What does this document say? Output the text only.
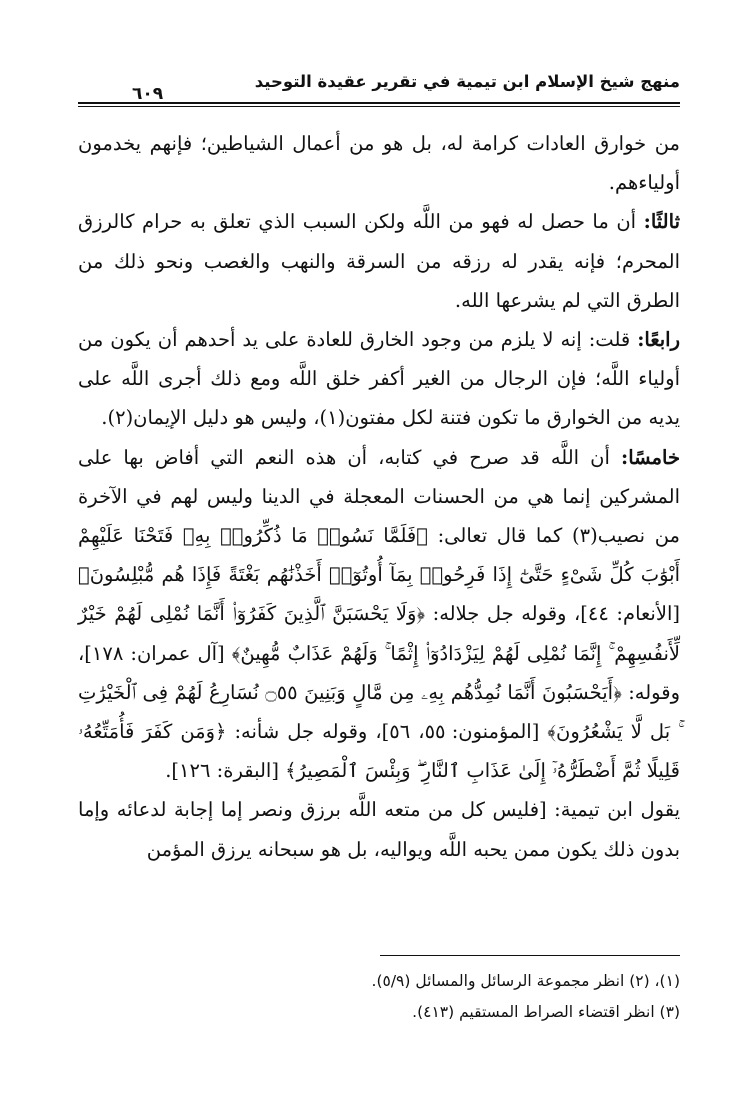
منهج شيخ الإسلام ابن تيمية في تقرير عقيدة التوحيد
٦٠٩

من خوارق العادات كرامة له، بل هو من أعمال الشياطين؛ فإنهم يخدمون أولياءهم.

ثالثًا: أن ما حصل له فهو من اللَّه ولكن السبب الذي تعلق به حرام كالرزق المحرم؛ فإنه يقدر له رزقه من السرقة والنهب والغصب ونحو ذلك من الطرق التي لم يشرعها الله.

رابعًا: قلت: إنه لا يلزم من وجود الخارق للعادة على يد أحدهم أن يكون من أولياء اللَّه؛ فإن الرجال من الغير أكفر خلق اللَّه ومع ذلك أجرى اللَّه على يديه من الخوارق ما تكون فتنة لكل مفتون(١)، وليس هو دليل الإيمان(٢).

خامسًا: أن اللَّه قد صرح في كتابه، أن هذه النعم التي أفاض بها على المشركين إنما هي من الحسنات المعجلة في الدينا وليس لهم في الآخرة من نصيب(٣) كما قال تعالى: ﴿فَلَمَّا نَسُوا۟ مَا ذُكِّرُوا۟ بِهِۦ فَتَحْنَا عَلَيْهِمْ أَبْوَٰبَ كُلِّ شَىْءٍ حَتَّىٰٓ إِذَا فَرِحُوا۟ بِمَآ أُوتُوٓا۟ أَخَذْنَٰهُم بَغْتَةً فَإِذَا هُم مُّبْلِسُونَ﴾ [الأنعام: ٤٤]، وقوله جل جلاله: ﴿وَلَا يَحْسَبَنَّ ٱلَّذِينَ كَفَرُوٓا۟ أَنَّمَا نُمْلِى لَهُمْ خَيْرٌ لِّأَنفُسِهِمْ ۚ إِنَّمَا نُمْلِى لَهُمْ لِيَزْدَادُوٓا۟ إِثْمًا ۚ وَلَهُمْ عَذَابٌ مُّهِينٌ﴾ [آل عمران: ١٧٨]، وقوله: ﴿أَيَحْسَبُونَ أَنَّمَا نُمِدُّهُم بِهِۦ مِن مَّالٍ وَبَنِينَ ۝٥٥ نُسَارِعُ لَهُمْ فِى ٱلْخَيْرَٰتِ ۚ بَل لَّا يَشْعُرُونَ﴾ [المؤمنون: ٥٥، ٥٦]، وقوله جل شأنه: ﴿وَمَن كَفَرَ فَأُمَتِّعُهُۥ قَلِيلًا ثُمَّ أَضْطَرُّهُۥٓ إِلَىٰ عَذَابِ ٱلنَّارِ ۖ وَبِئْسَ ٱلْمَصِيرُ﴾ [البقرة: ١٢٦].

يقول ابن تيمية: [فليس كل من متعه اللَّه برزق ونصر إما إجابة لدعائه وإما بدون ذلك يكون ممن يحبه اللَّه ويواليه، بل هو سبحانه يرزق المؤمن

(١)، (٢) انظر مجموعة الرسائل والمسائل (٥/٩).
(٣) انظر اقتضاء الصراط المستقيم (٤١٣).
